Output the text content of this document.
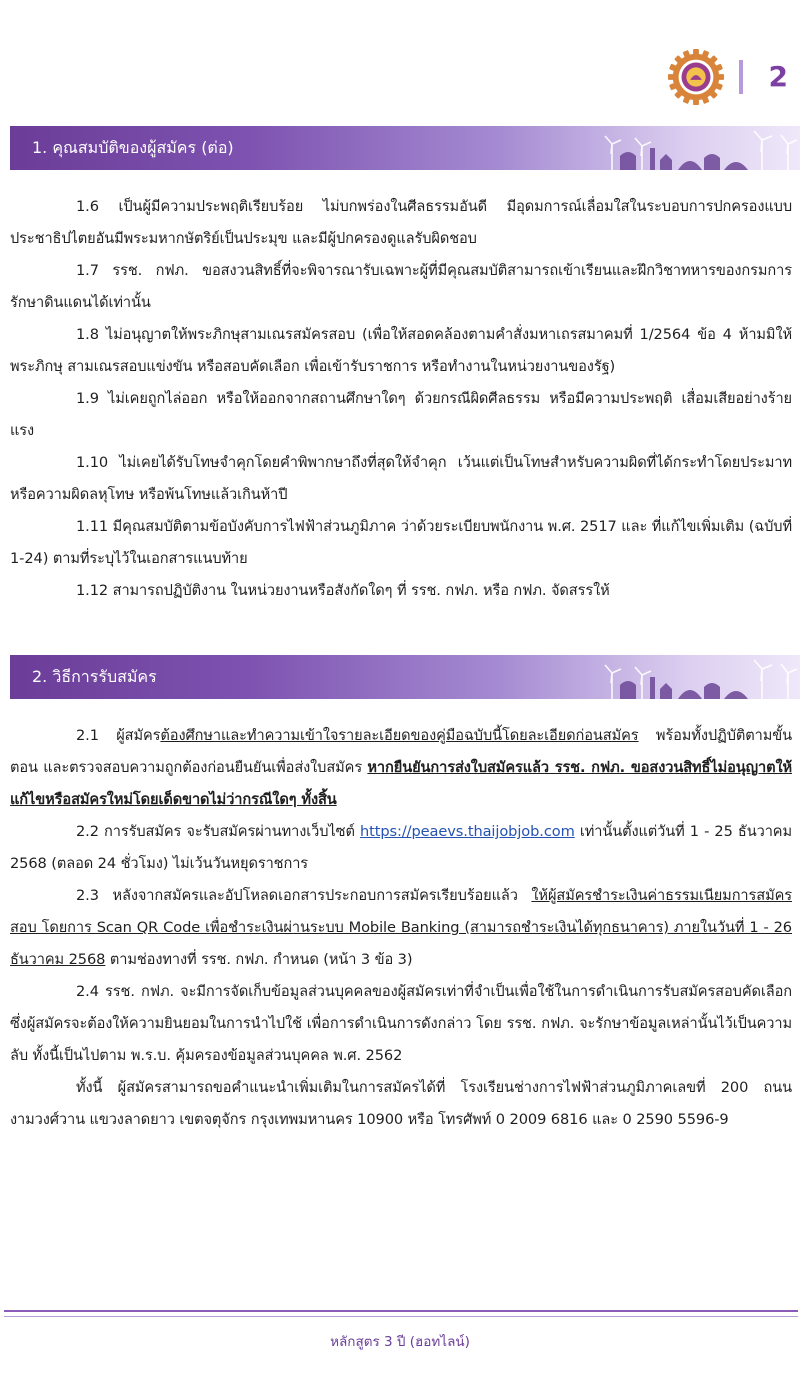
2
1. คุณสมบัติของผู้สมัคร (ต่อ)

1.6 เป็นผู้มีความประพฤติเรียบร้อย ไม่บกพร่องในศีลธรรมอันดี มีอุดมการณ์เลื่อมใสในระบอบการปกครองแบบประชาธิปไตยอันมีพระมหากษัตริย์เป็นประมุข และมีผู้ปกครองดูแลรับผิดชอบ

1.7 รรช. กฟภ. ขอสงวนสิทธิ์ที่จะพิจารณารับเฉพาะผู้ที่มีคุณสมบัติสามารถเข้าเรียนและฝึกวิชาทหารของกรมการรักษาดินแดนได้เท่านั้น

1.8 ไม่อนุญาตให้พระภิกษุสามเณรสมัครสอบ (เพื่อให้สอดคล้องตามคำสั่งมหาเถรสมาคมที่ 1/2564 ข้อ 4 ห้ามมิให้พระภิกษุ สามเณรสอบแข่งขัน หรือสอบคัดเลือก เพื่อเข้ารับราชการ หรือทำงานในหน่วยงานของรัฐ)

1.9 ไม่เคยถูกไล่ออก หรือให้ออกจากสถานศึกษาใดๆ ด้วยกรณีผิดศีลธรรม หรือมีความประพฤติ เสื่อมเสียอย่างร้ายแรง

1.10 ไม่เคยได้รับโทษจำคุกโดยคำพิพากษาถึงที่สุดให้จำคุก เว้นแต่เป็นโทษสำหรับความผิดที่ได้กระทำโดยประมาท หรือความผิดลหุโทษ หรือพ้นโทษแล้วเกินห้าปี

1.11 มีคุณสมบัติตามข้อบังคับการไฟฟ้าส่วนภูมิภาค ว่าด้วยระเบียบพนักงาน พ.ศ. 2517 และ ที่แก้ไขเพิ่มเติม (ฉบับที่ 1-24) ตามที่ระบุไว้ในเอกสารแนบท้าย

1.12 สามารถปฏิบัติงาน ในหน่วยงานหรือสังกัดใดๆ ที่ รรช. กฟภ. หรือ กฟภ. จัดสรรให้

2. วิธีการรับสมัคร

2.1 ผู้สมัครต้องศึกษาและทำความเข้าใจรายละเอียดของคู่มือฉบับนี้โดยละเอียดก่อนสมัคร พร้อมทั้งปฏิบัติตามขั้นตอน และตรวจสอบความถูกต้องก่อนยืนยันเพื่อส่งใบสมัคร หากยืนยันการส่งใบสมัครแล้ว รรช. กฟภ. ขอสงวนสิทธิ์ไม่อนุญาตให้แก้ไขหรือสมัครใหม่โดยเด็ดขาดไม่ว่ากรณีใดๆ ทั้งสิ้น

2.2 การรับสมัคร จะรับสมัครผ่านทางเว็บไซต์ https://peaevs.thaijobjob.com เท่านั้นตั้งแต่วันที่ 1 - 25 ธันวาคม 2568 (ตลอด 24 ชั่วโมง) ไม่เว้นวันหยุดราชการ

2.3 หลังจากสมัครและอัปโหลดเอกสารประกอบการสมัครเรียบร้อยแล้ว ให้ผู้สมัครชำระเงินค่าธรรมเนียมการสมัครสอบ โดยการ Scan QR Code เพื่อชำระเงินผ่านระบบ Mobile Banking (สามารถชำระเงินได้ทุกธนาคาร) ภายในวันที่ 1 - 26 ธันวาคม 2568 ตามช่องทางที่ รรช. กฟภ. กำหนด (หน้า 3 ข้อ 3)

2.4 รรช. กฟภ. จะมีการจัดเก็บข้อมูลส่วนบุคคลของผู้สมัครเท่าที่จำเป็นเพื่อใช้ในการดำเนินการรับสมัครสอบคัดเลือก ซึ่งผู้สมัครจะต้องให้ความยินยอมในการนำไปใช้ เพื่อการดำเนินการดังกล่าว โดย รรช. กฟภ. จะรักษาข้อมูลเหล่านั้นไว้เป็นความลับ ทั้งนี้เป็นไปตาม พ.ร.บ. คุ้มครองข้อมูลส่วนบุคคล พ.ศ. 2562

ทั้งนี้ ผู้สมัครสามารถขอคำแนะนำเพิ่มเติมในการสมัครได้ที่ โรงเรียนช่างการไฟฟ้าส่วนภูมิภาคเลขที่ 200 ถนนงามวงศ์วาน แขวงลาดยาว เขตจตุจักร กรุงเทพมหานคร 10900 หรือ โทรศัพท์ 0 2009 6816 และ 0 2590 5596-9

หลักสูตร 3 ปี (ฮอทไลน์)
